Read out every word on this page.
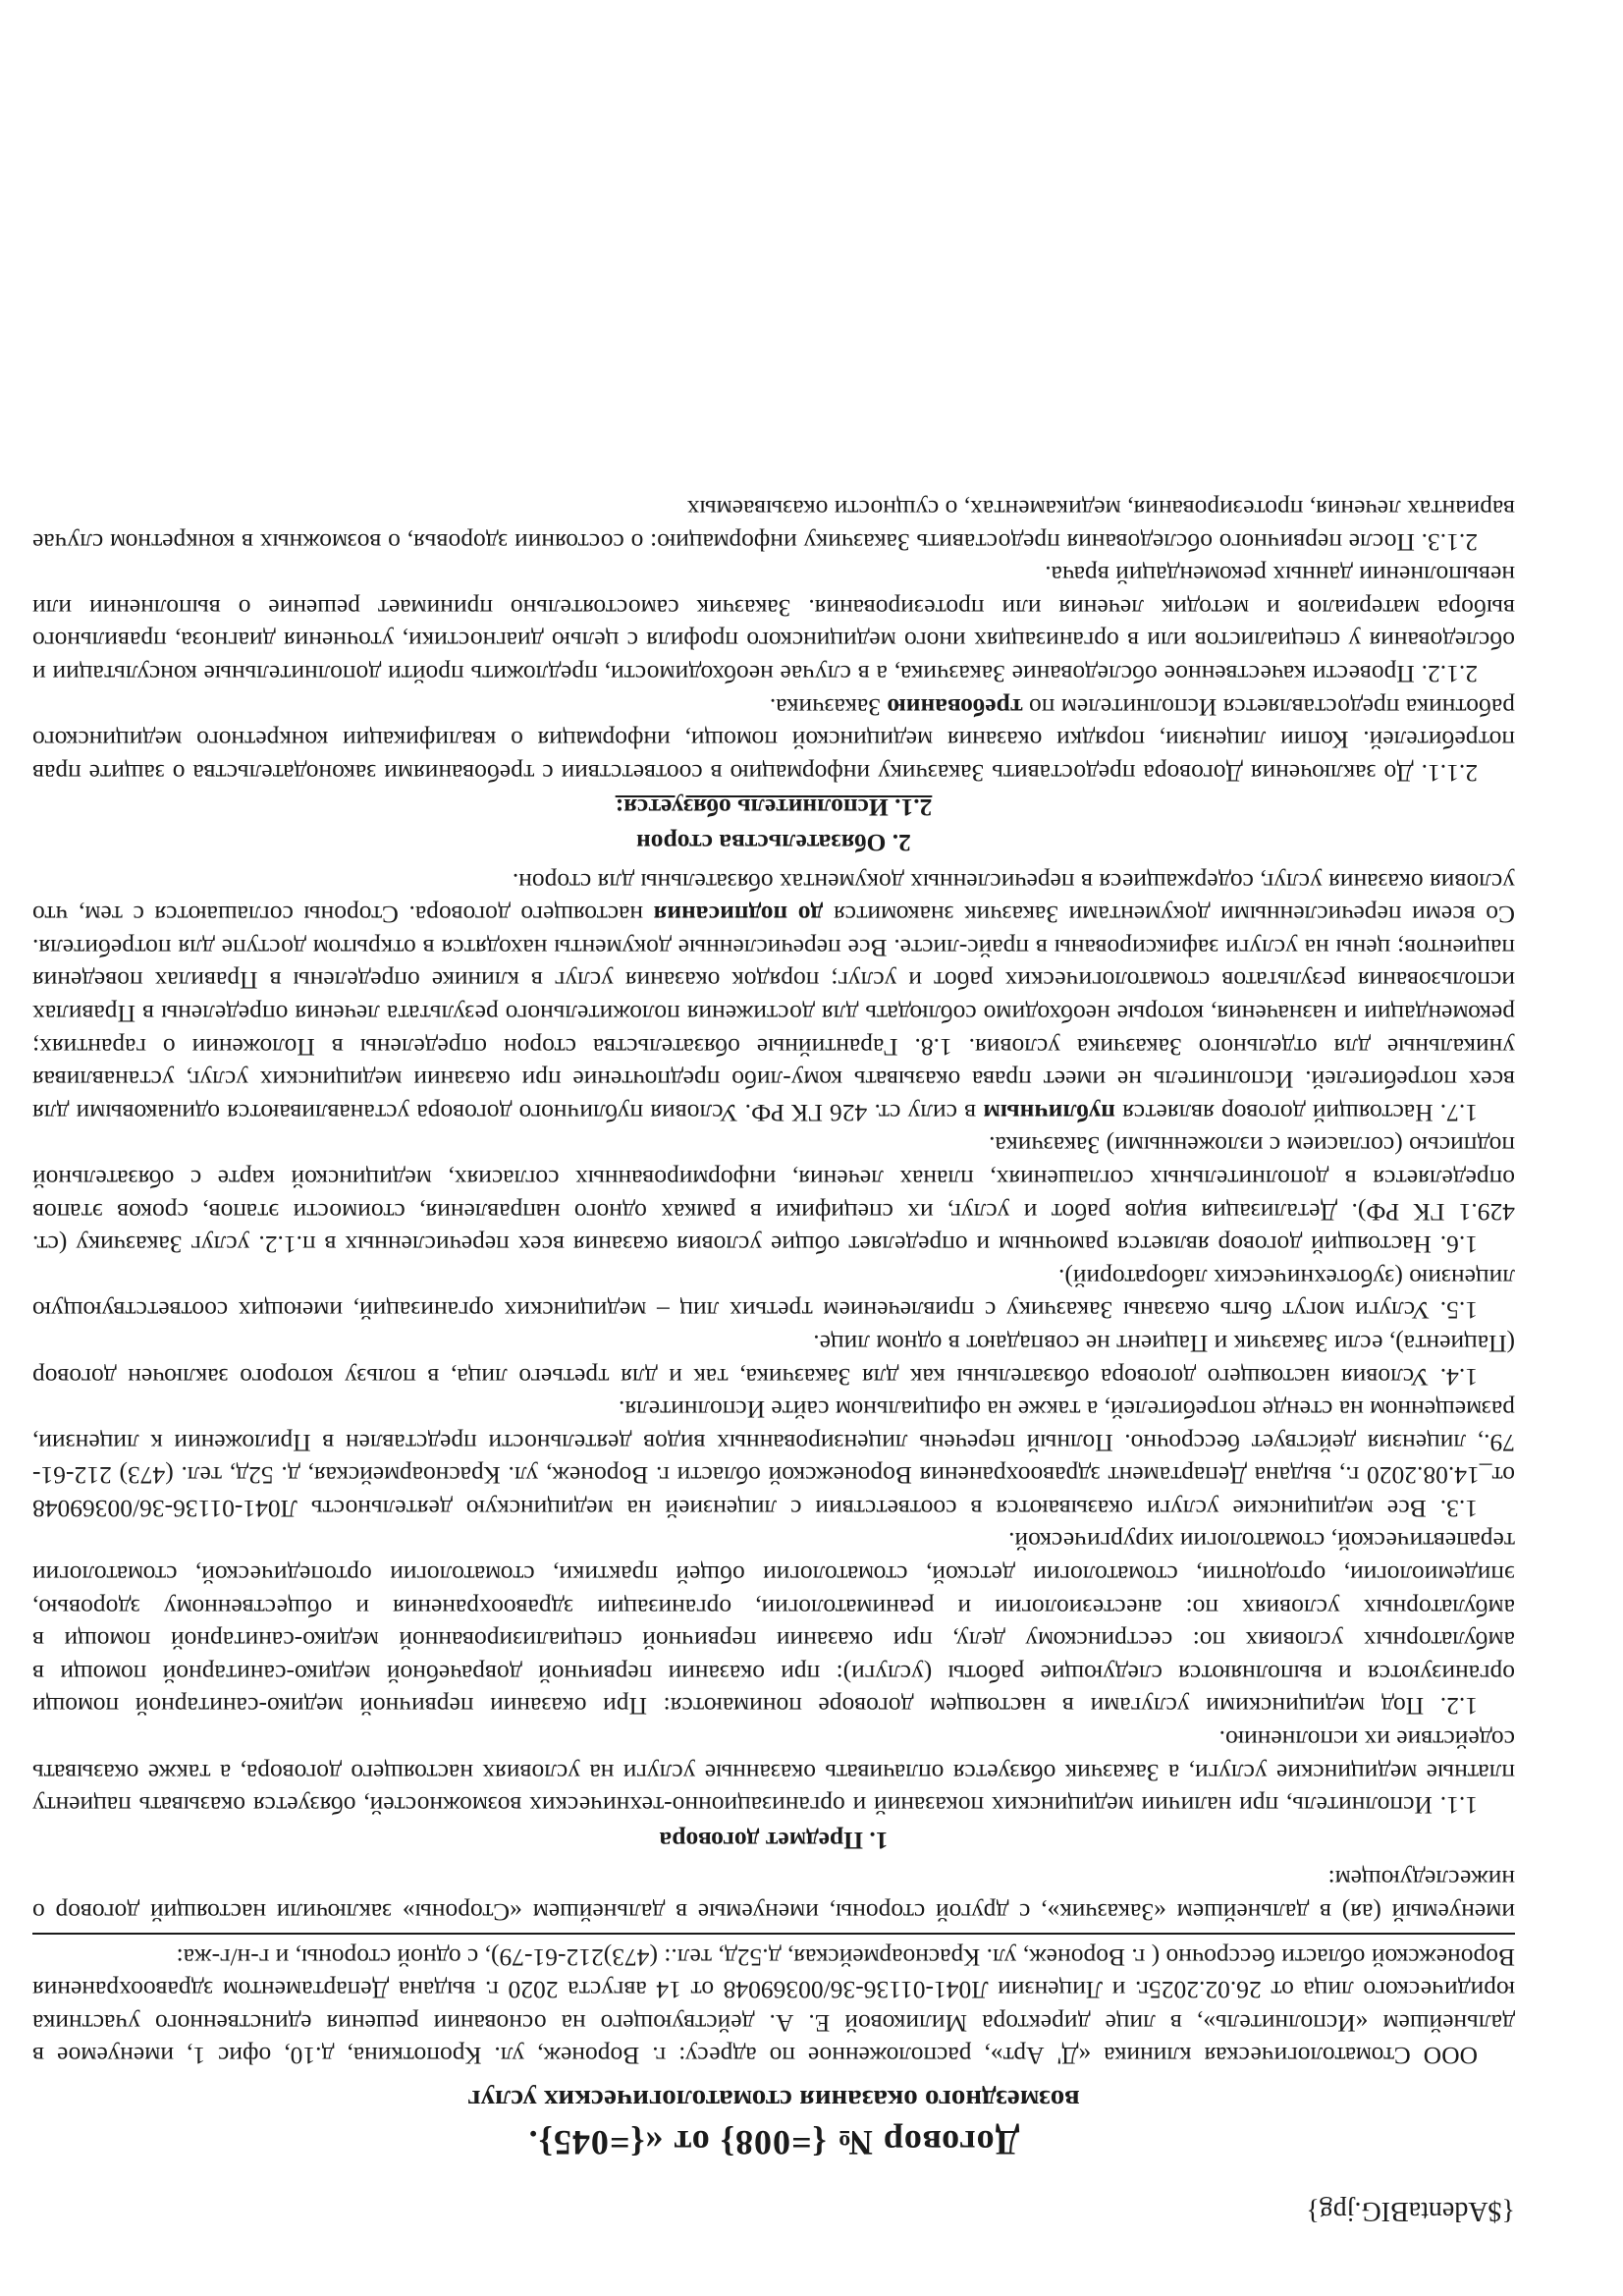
{$AdentaBIG.jpg}
Договор № {=008} от «{=045}.
возмездного оказания стоматологических услуг

ООО Стоматологическая клиника «Д' Арт», расположенное по адресу: г. Воронеж, ул. Кропоткина, д.10, офис 1, именуемое в дальнейшем «Исполнитель», в лице директора Миликовой Е. А. действующего на основании решения единственного участника юридического лица от 26.02.2025г. и Лицензии Л041-01136-36/00369048 от 14 августа 2020 г. выдана Департаментом здравоохранения Воронежской области бессрочно ( г. Воронеж, ул. Красноармейская, д.52д, тел.: (473)212-61-79), с одной стороны, и г-н/г-жа:

именуемый (ая) в дальнейшем «Заказчик», с другой стороны, именуемые в дальнейшем «Стороны» заключили настоящий договор о нижеследующем:

1. Предмет договора

1.1. Исполнитель, при наличии медицинских показаний и организационно-технических возможностей, обязуется оказывать пациенту платные медицинские услуги, а Заказчик обязуется оплачивать оказанные услуги на условиях настоящего договора, а также оказывать содействие их исполнению.

1.2. Под медицинскими услугами в настоящем договоре понимаются: При оказании первичной медико-санитарной помощи организуются и выполняются следующие работы (услуги): при оказании первичной доврачебной медико-санитарной помощи в амбулаторных условиях по: сестринскому делу, при оказании первичной специализированной медико-санитарной помощи в амбулаторных условиях по: анестезиологии и реаниматологии, организации здравоохранения и общественному здоровью, эпидемиологии, ортодонтии, стоматологии детской, стоматологии общей практики, стоматологии ортопедической, стоматологии терапевтической, стоматологии хирургической.

1.3. Все медицинские услуги оказываются в соответствии с лицензией на медицинскую деятельность Л041-01136-36/00369048 от_14.08.2020 г., выдана Департамент здравоохранения Воронежской области г. Воронеж, ул. Красноармейская, д. 52д, тел. (473) 212-61-79., лицензия действует бессрочно. Полный перечень лицензированных видов деятельности представлен в Приложении к лицензии, размещенном на стенде потребителей, а также на официальном сайте Исполнителя.

1.4. Условия настоящего договора обязательны как для Заказчика, так и для третьего лица, в пользу которого заключен договор (Пациента), если Заказчик и Пациент не совпадают в одном лице.

1.5. Услуги могут быть оказаны Заказчику с привлечением третьих лиц – медицинских организаций, имеющих соответствующую лицензию (зуботехнических лабораторий).

1.6. Настоящий договор является рамочным и определяет общие условия оказания всех перечисленных в п.1.2. услуг Заказчику (ст. 429.1 ГК РФ). Детализация видов работ и услуг, их специфики в рамках одного направления, стоимости этапов, сроков этапов определяется в дополнительных соглашениях, планах лечения, информированных согласиях, медицинской карте с обязательной подписью (согласием с изложенными) Заказчика.

1.7. Настоящий договор является публичным в силу ст. 426 ГК РФ. Условия публичного договора устанавливаются одинаковыми для всех потребителей. Исполнитель не имеет права оказывать кому-либо предпочтение при оказании медицинских услуг, устанавливая уникальные для отдельного Заказчика условия. 1.8. Гарантийные обязательства сторон определены в Положении о гарантиях; рекомендации и назначения, которые необходимо соблюдать для достижения положительного результата лечения определены в Правилах использования результатов стоматологических работ и услуг; порядок оказания услуг в клинике определены в Правилах поведения пациентов; цены на услуги зафиксированы в прайс-листе. Все перечисленные документы находятся в открытом доступе для потребителя. Со всеми перечисленными документами Заказчик знакомится до подписания настоящего договора. Стороны соглашаются с тем, что условия оказания услуг, содержащиеся в перечисленных документах обязательны для сторон.

2. Обязательства сторон
2.1. Исполнитель обязуется:

2.1.1. До заключения Договора предоставить Заказчику информацию в соответствии с требованиями законодательства о защите прав потребителей. Копии лицензии, порядки оказания медицинской помощи, информация о квалификации конкретного медицинского работника предоставляется Исполнителем по требованию Заказчика.

2.1.2. Провести качественное обследование Заказчика, а в случае необходимости, предложить пройти дополнительные консультации и обследования у специалистов или в организациях иного медицинского профиля с целью диагностики, уточнения диагноза, правильного выбора материалов и методик лечения или протезирования. Заказчик самостоятельно принимает решение о выполнении или невыполнении данных рекомендаций врача.

2.1.3. После первичного обследования предоставить Заказчику информацию: о состоянии здоровья, о возможных в конкретном случае вариантах лечения, протезирования, медикаментах, о сущности оказываемых
